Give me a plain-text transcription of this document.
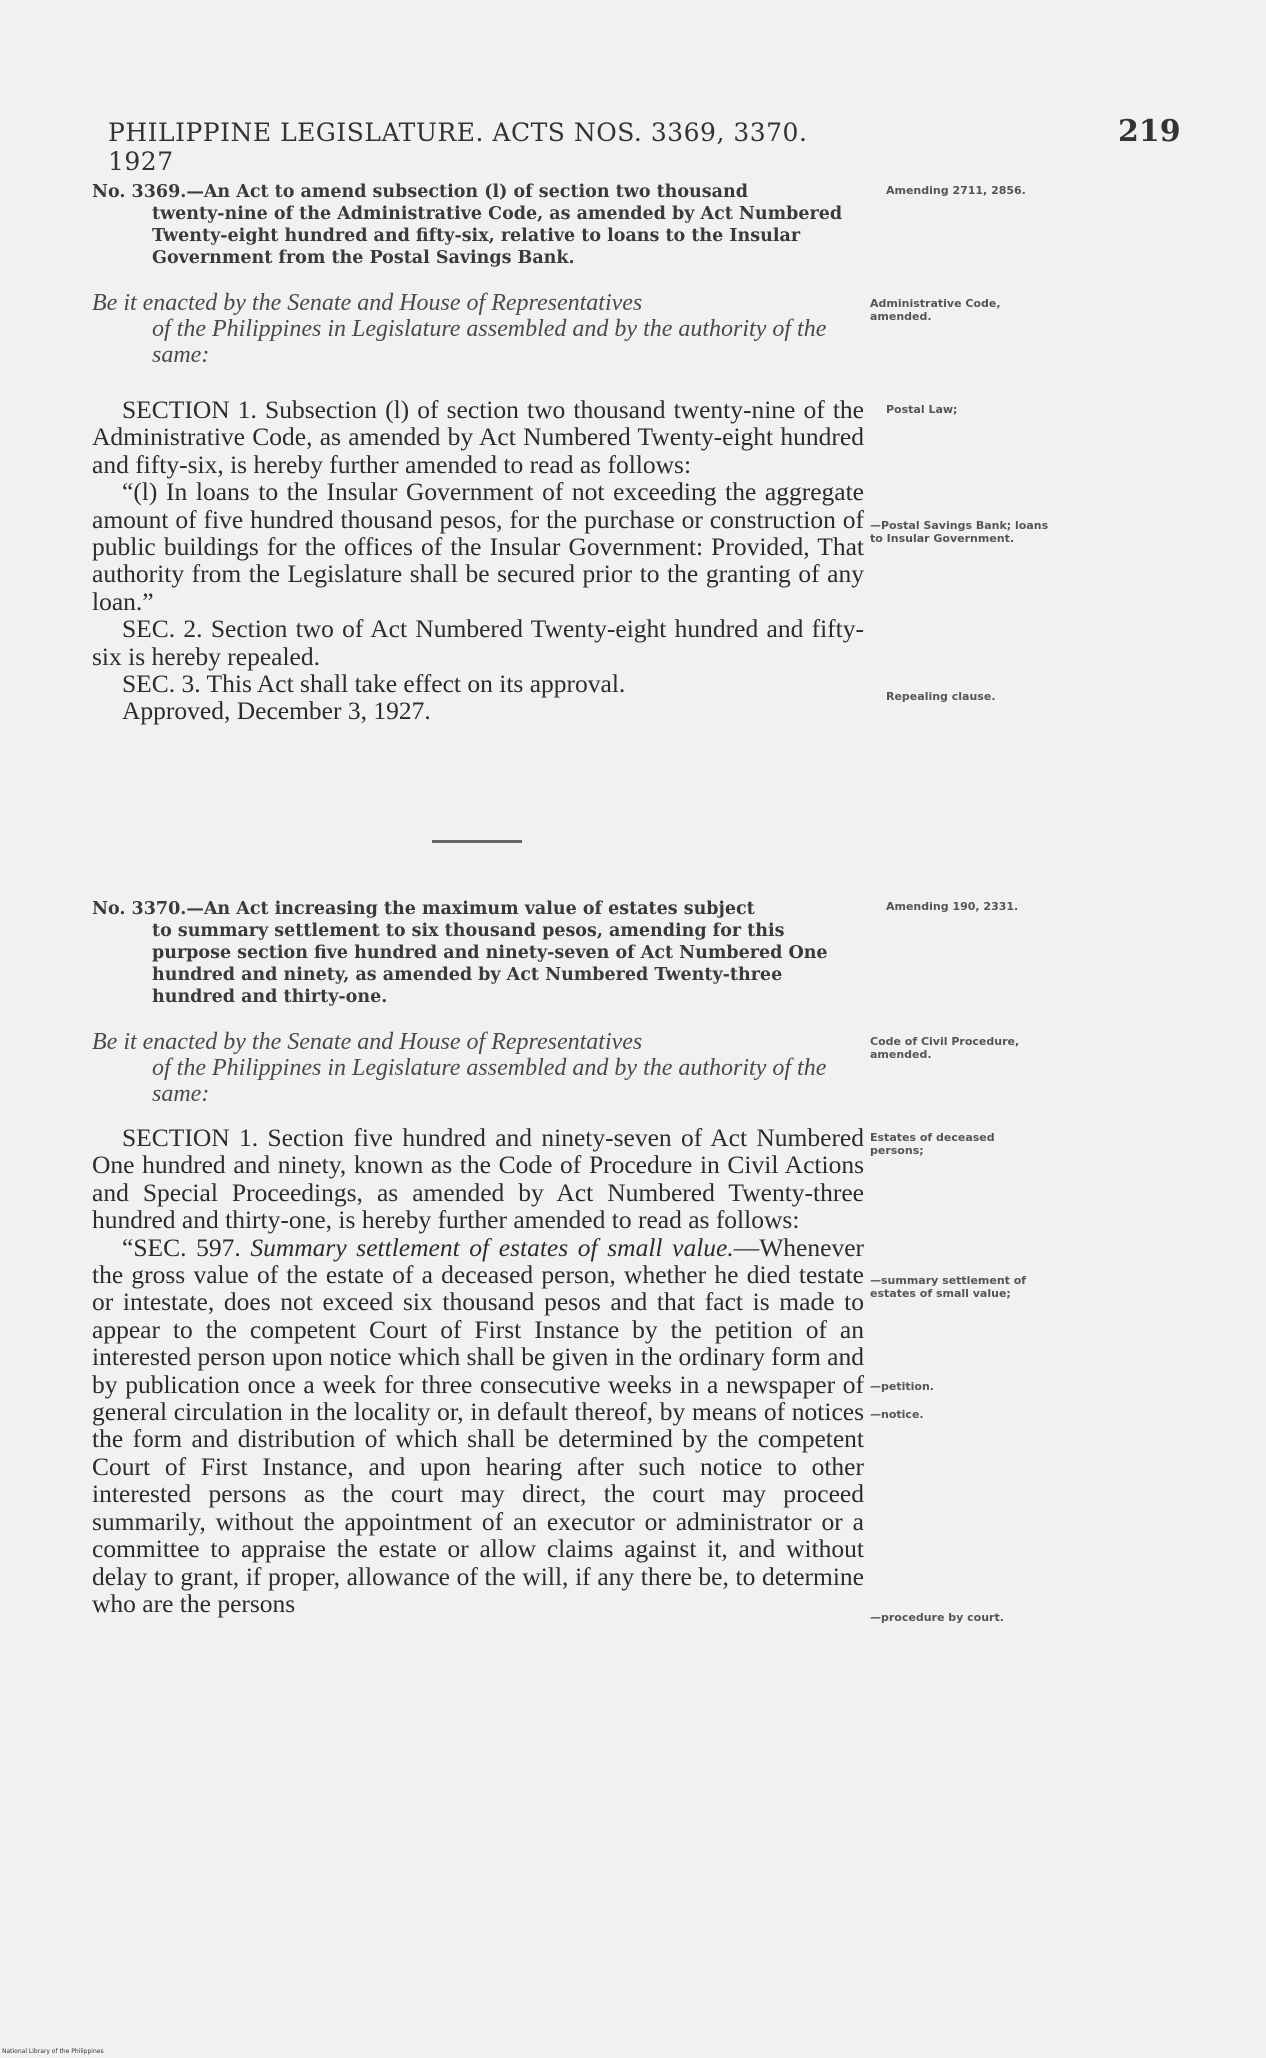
PHILIPPINE LEGISLATURE. ACTS NOS. 3369, 3370. 1927
219
No. 3369.—An Act to amend subsection (l) of section two thousand
twenty-nine of the Administrative Code, as amended by Act Numbered Twenty-eight hundred and fifty-six, relative to loans to the Insular Government from the Postal Savings Bank.
Be it enacted by the Senate and House of Representatives
of the Philippines in Legislature assembled and by the authority of the same:

SECTION 1. Subsection (l) of section two thousand twenty-nine of the Administrative Code, as amended by Act Numbered Twenty-eight hundred and fifty-six, is hereby further amended to read as follows:

“(l) In loans to the Insular Government of not exceeding the aggregate amount of five hundred thousand pesos, for the purchase or construction of public buildings for the offices of the Insular Government: Provided, That authority from the Legislature shall be secured prior to the granting of any loan.”

SEC. 2. Section two of Act Numbered Twenty-eight hundred and fifty-six is hereby repealed.

SEC. 3. This Act shall take effect on its approval.

Approved, December 3, 1927.

No. 3370.—An Act increasing the maximum value of estates subject
to summary settlement to six thousand pesos, amending for this purpose section five hundred and ninety-seven of Act Numbered One hundred and ninety, as amended by Act Numbered Twenty-three hundred and thirty-one.
Be it enacted by the Senate and House of Representatives
of the Philippines in Legislature assembled and by the authority of the same:

SECTION 1. Section five hundred and ninety-seven of Act Numbered One hundred and ninety, known as the Code of Procedure in Civil Actions and Special Proceedings, as amended by Act Numbered Twenty-three hundred and thirty-one, is hereby further amended to read as follows:

“SEC. 597. Summary settlement of estates of small value.—Whenever the gross value of the estate of a deceased person, whether he died testate or intestate, does not exceed six thousand pesos and that fact is made to appear to the competent Court of First Instance by the petition of an interested person upon notice which shall be given in the ordinary form and by publication once a week for three consecutive weeks in a newspaper of general circulation in the locality or, in default thereof, by means of notices the form and distribution of which shall be determined by the competent Court of First Instance, and upon hearing after such notice to other interested persons as the court may direct, the court may proceed summarily, without the appointment of an executor or administrator or a committee to appraise the estate or allow claims against it, and without delay to grant, if proper, allowance of the will, if any there be, to determine who are the persons

Amending 2711, 2856.
Administrative Code, amended.
Postal Law;
—Postal Savings Bank; loans to Insular Government.
Repealing clause.
Amending 190, 2331.
Code of Civil Procedure, amended.
Estates of deceased persons;
—summary settlement of estates of small value;
—petition.
—notice.
—procedure by court.
National Library of the Philippines
